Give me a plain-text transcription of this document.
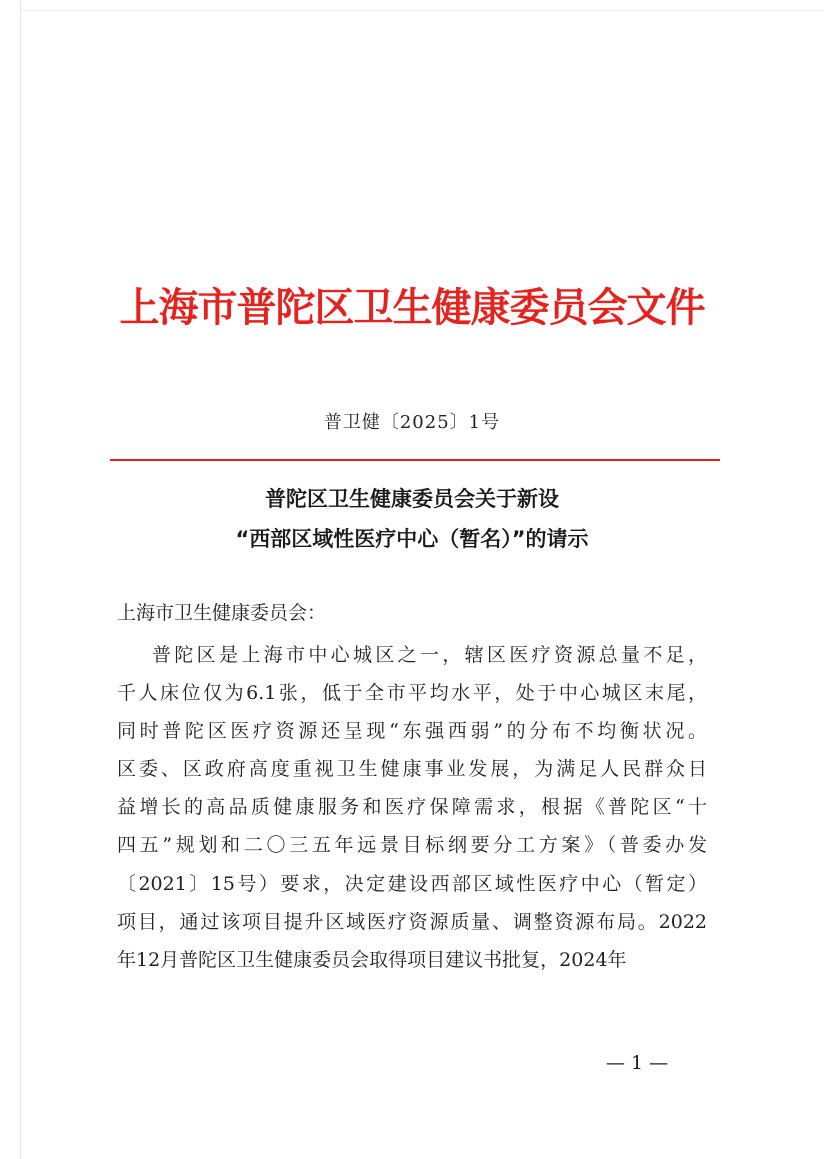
上海市普陀区卫生健康委员会文件
普卫健〔2025〕1号
普陀区卫生健康委员会关于新设
“西部区域性医疗中心（暂名）”的请示
上海市卫生健康委员会：
普陀区是上海市中心城区之一，辖区医疗资源总量不足，
千人床位仅为6.1张，低于全市平均水平，处于中心城区末尾，
同时普陀区医疗资源还呈现“东强西弱”的分布不均衡状况。
区委、区政府高度重视卫生健康事业发展，为满足人民群众日
益增长的高品质健康服务和医疗保障需求，根据《普陀区“十
四五”规划和二〇三五年远景目标纲要分工方案》（普委办发
〔2021〕15号）要求，决定建设西部区域性医疗中心（暂定）
项目，通过该项目提升区域医疗资源质量、调整资源布局。2022
年12月普陀区卫生健康委员会取得项目建议书批复，2024年
— 1 —
